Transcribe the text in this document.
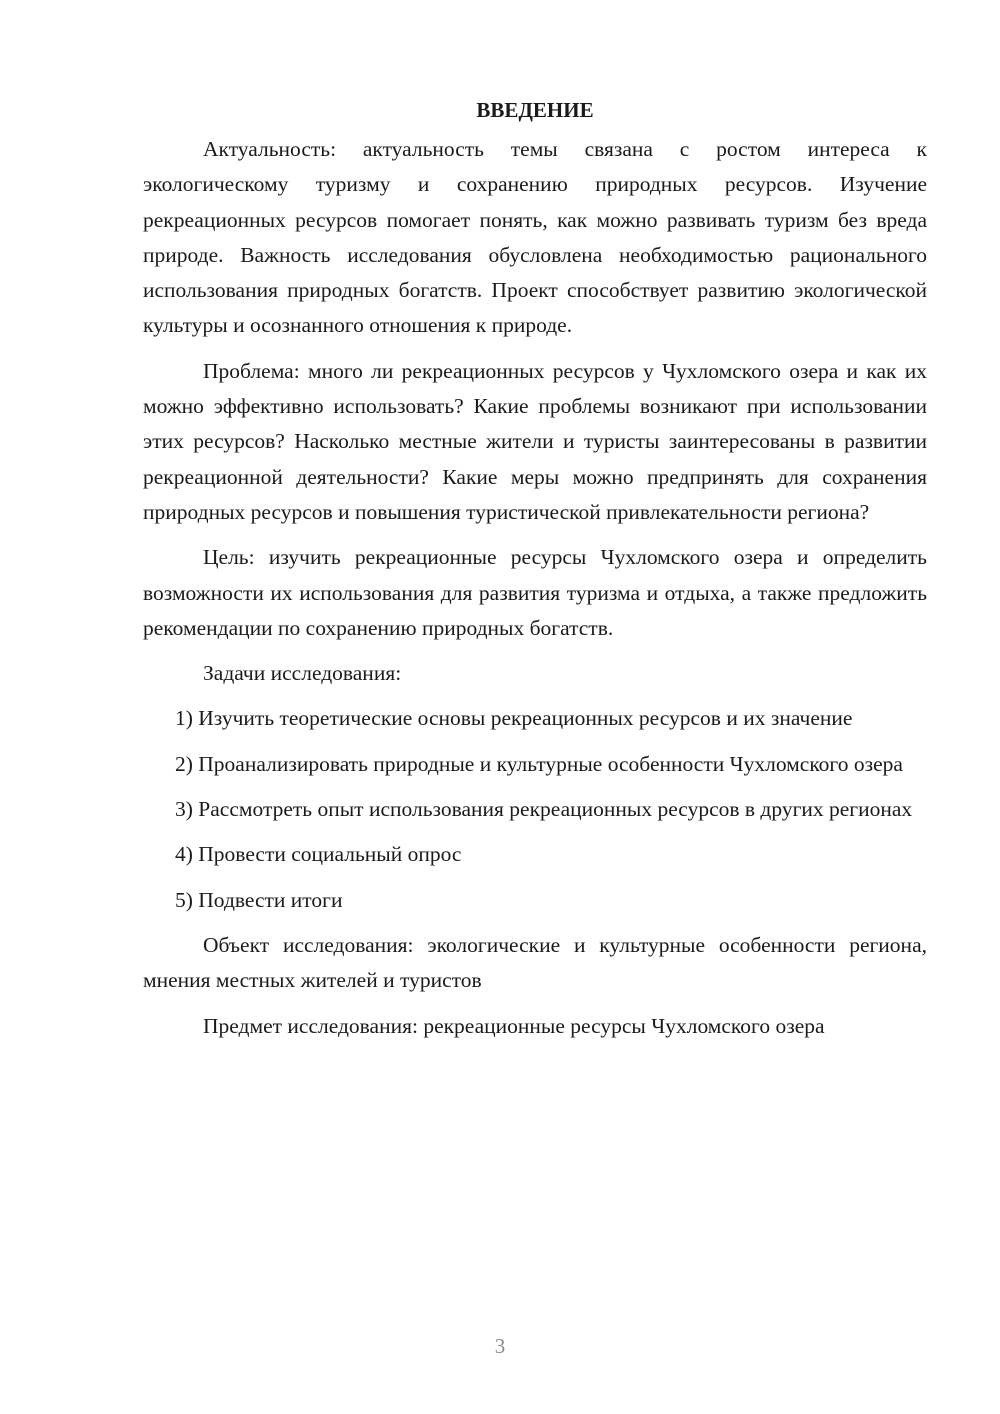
ВВЕДЕНИЕ

Актуальность: актуальность темы связана с ростом интереса к экологическому туризму и сохранению природных ресурсов. Изучение рекреационных ресурсов помогает понять, как можно развивать туризм без вреда природе. Важность исследования обусловлена необходимостью рационального использования природных богатств. Проект способствует развитию экологической культуры и осознанного отношения к природе.

Проблема: много ли рекреационных ресурсов у Чухломского озера и как их можно эффективно использовать? Какие проблемы возникают при использовании этих ресурсов? Насколько местные жители и туристы заинтересованы в развитии рекреационной деятельности? Какие меры можно предпринять для сохранения природных ресурсов и повышения туристической привлекательности региона?

Цель: изучить рекреационные ресурсы Чухломского озера и определить возможности их использования для развития туризма и отдыха, а также предложить рекомендации по сохранению природных богатств.

Задачи исследования:

1) Изучить теоретические основы рекреационных ресурсов и их значение

2) Проанализировать природные и культурные особенности Чухломского озера

3) Рассмотреть опыт использования рекреационных ресурсов в других регионах

4) Провести социальный опрос

5) Подвести итоги

Объект исследования: экологические и культурные особенности региона, мнения местных жителей и туристов

Предмет исследования: рекреационные ресурсы Чухломского озера

3
